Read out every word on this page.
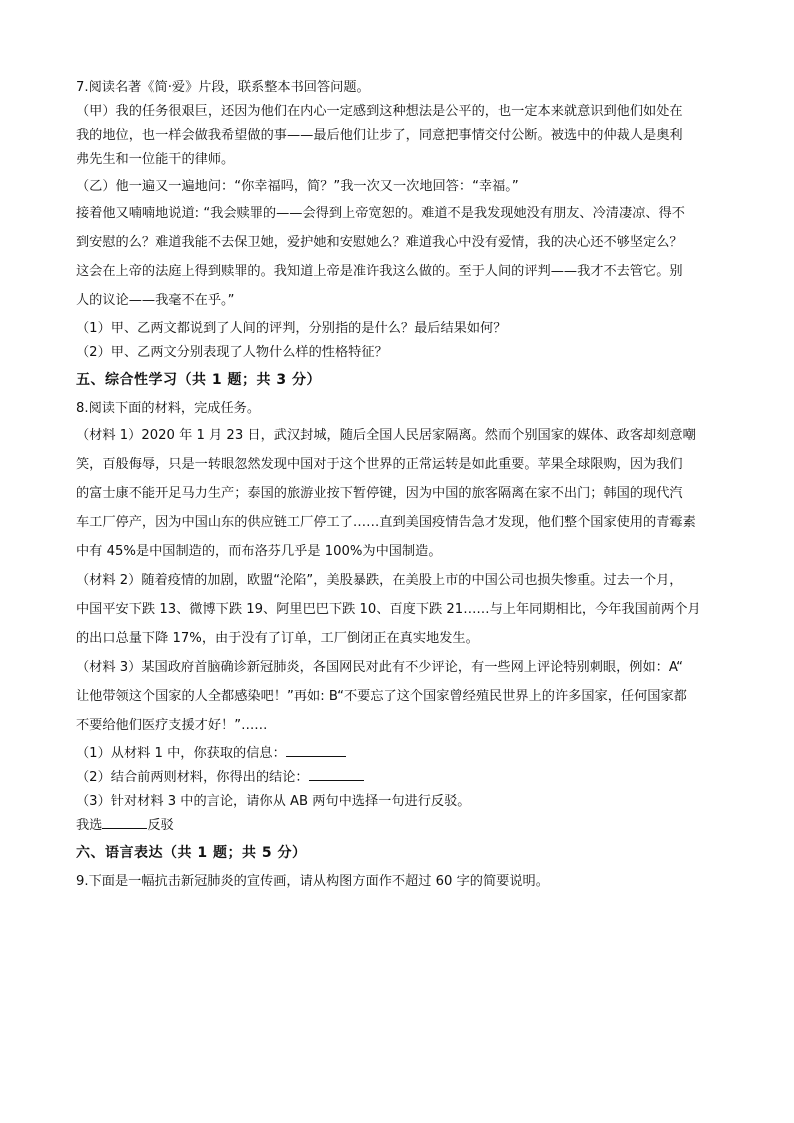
7.阅读名著《简·爱》片段，联系整本书回答问题。

（甲）我的任务很艰巨，还因为他们在内心一定感到这种想法是公平的，也一定本来就意识到他们如处在

我的地位，也一样会做我希望做的事——最后他们让步了，同意把事情交付公断。被选中的仲裁人是奥利

弗先生和一位能干的律师。

（乙）他一遍又一遍地问：“你幸福吗，简？”我一次又一次地回答：“幸福。”

接着他又喃喃地说道: “我会赎罪的——会得到上帝宽恕的。难道不是我发现她没有朋友、冷清凄凉、得不

到安慰的么？难道我能不去保卫她，爱护她和安慰她么？难道我心中没有爱情，我的决心还不够坚定么？

这会在上帝的法庭上得到赎罪的。我知道上帝是准许我这么做的。至于人间的评判——我才不去管它。别

人的议论——我毫不在乎。”

（1）甲、乙两文都说到了人间的评判，分别指的是什么？最后结果如何？

（2）甲、乙两文分别表现了人物什么样的性格特征？

五、综合性学习（共 1 题；共 3 分）

8.阅读下面的材料，完成任务。

（材料 1）2020 年 1 月 23 日，武汉封城，随后全国人民居家隔离。然而个别国家的媒体、政客却刻意嘲

笑，百般侮辱，只是一转眼忽然发现中国对于这个世界的正常运转是如此重要。苹果全球限购，因为我们

的富士康不能开足马力生产；泰国的旅游业按下暂停键，因为中国的旅客隔离在家不出门；韩国的现代汽

车工厂停产，因为中国山东的供应链工厂停工了……直到美国疫情告急才发现，他们整个国家使用的青霉素

中有 45%是中国制造的，而布洛芬几乎是 100%为中国制造。

（材料 2）随着疫情的加剧，欧盟“沦陷”，美股暴跌，在美股上市的中国公司也损失惨重。过去一个月，

中国平安下跌 13、微博下跌 19、阿里巴巴下跌 10、百度下跌 21……与上年同期相比，今年我国前两个月

的出口总量下降 17%，由于没有了订单，工厂倒闭正在真实地发生。

（材料 3）某国政府首脑确诊新冠肺炎，各国网民对此有不少评论，有一些网上评论特别刺眼，例如：A“

让他带领这个国家的人全都感染吧！”再如: B“不要忘了这个国家曾经殖民世界上的许多国家，任何国家都

不要给他们医疗支援才好！”……

（1）从材料 1 中，你获取的信息：

（2）结合前两则材料，你得出的结论：

（3）针对材料 3 中的言论，请你从 AB 两句中选择一句进行反驳。

我选	反驳

六、语言表达（共 1 题；共 5 分）

9.下面是一幅抗击新冠肺炎的宣传画，请从构图方面作不超过 60 字的简要说明。
